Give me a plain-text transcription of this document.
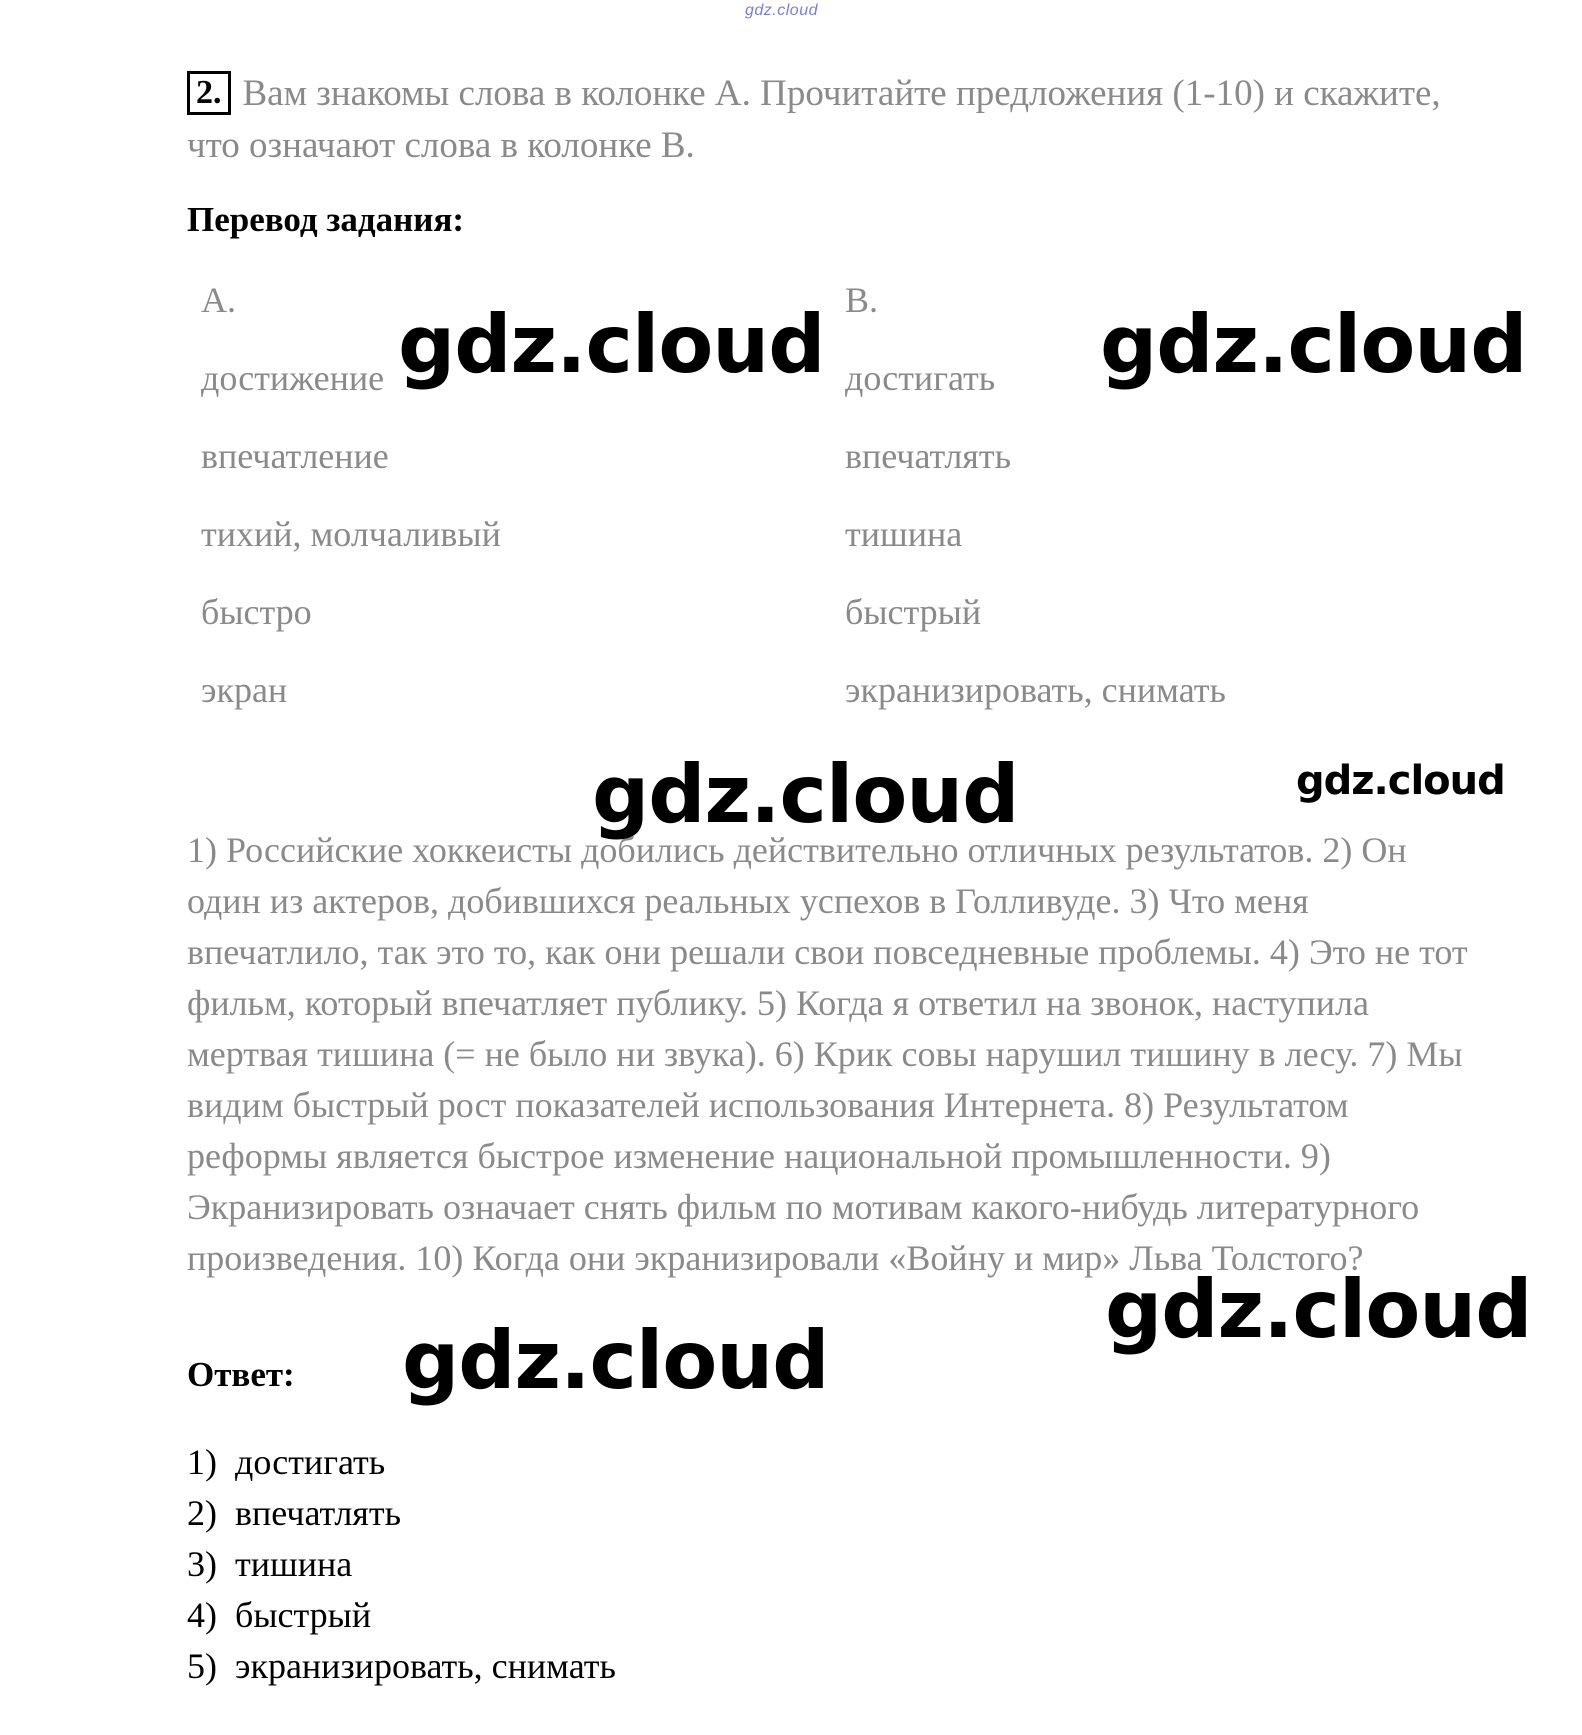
gdz.cloud
2. Вам знакомы слова в колонке А. Прочитайте предложения (1-10) и скажите, что означают слова в колонке В.
Перевод задания:
А.
достижение
впечатление
тихий, молчаливый
быстро
экран
В.
достигать
впечатлять
тишина
быстрый
экранизировать, снимать
1) Российские хоккеисты добились действительно отличных результатов. 2) Он один из актеров, добившихся реальных успехов в Голливуде. 3) Что меня впечатлило, так это то, как они решали свои повседневные проблемы. 4) Это не тот фильм, который впечатляет публику. 5) Когда я ответил на звонок, наступила мертвая тишина (= не было ни звука). 6) Крик совы нарушил тишину в лесу. 7) Мы видим быстрый рост показателей использования Интернета. 8) Результатом реформы является быстрое изменение национальной промышленности. 9) Экранизировать означает снять фильм по мотивам какого-нибудь литературного произведения. 10) Когда они экранизировали «Войну и мир» Льва Толстого?
Ответ:
1) достигать
2) впечатлять
3) тишина
4) быстрый
5) экранизировать, снимать
gdz.cloud	gdz.cloud
gdz.cloud	gdz.cloud
gdz.cloud
gdz.cloud
